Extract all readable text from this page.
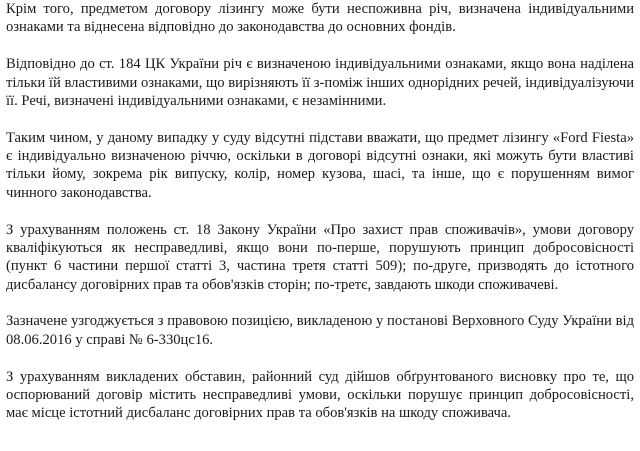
Крім того, предметом договору лізингу може бути неспоживна річ, визначена індивідуальними ознаками та віднесена відповідно до законодавства до основних фондів.

Відповідно до ст. 184 ЦК України річ є визначеною індивідуальними ознаками, якщо вона наділена тільки їй властивими ознаками, що вирізняють її з-поміж інших однорідних речей, індивідуалізуючи її. Речі, визначені індивідуальними ознаками, є незамінними.

Таким чином, у даному випадку у суду відсутні підстави вважати, що предмет лізингу «Ford Fiesta» є індивідуально визначеною річчю, оскільки в договорі відсутні ознаки, які можуть бути властиві тільки йому, зокрема рік випуску, колір, номер кузова, шасі, та інше, що є порушенням вимог чинного законодавства.

З урахуванням положень ст. 18 Закону України «Про захист прав споживачів», умови договору кваліфікуються як несправедливі, якщо вони по-перше, порушують принцип добросовісності (пункт 6 частини першої статті 3, частина третя статті 509); по-друге, призводять до істотного дисбалансу договірних прав та обов'язків сторін; по-третє, завдають шкоди споживачеві.

Зазначене узгоджується з правовою позицією, викладеною у постанові Верховного Суду України від 08.06.2016 у справі № 6-330цс16.

З урахуванням викладених обставин, районний суд дійшов обґрунтованого висновку про те, що оспорюваний договір містить несправедливі умови, оскільки порушує принцип добросовісності, має місце істотний дисбаланс договірних прав та обов'язків на шкоду споживача.
